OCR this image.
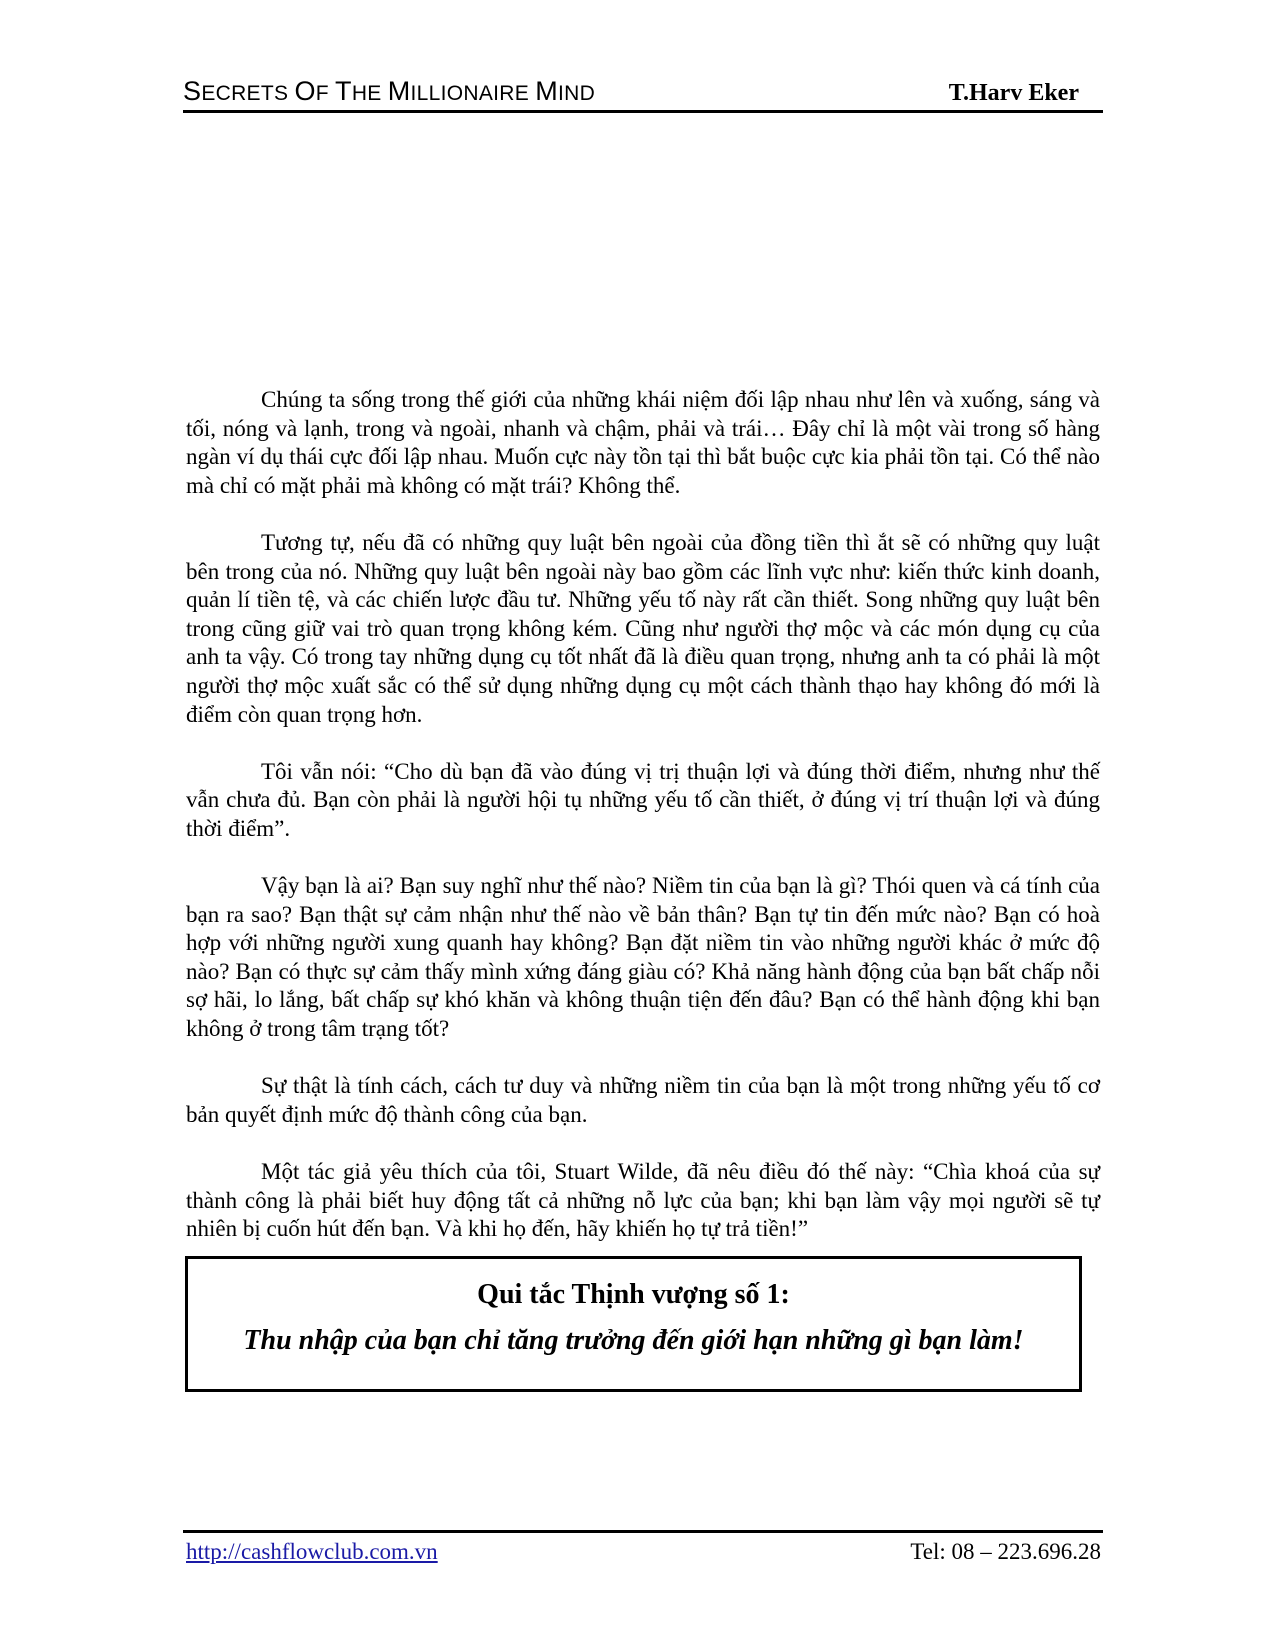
SECRETS OF THE MILLIONAIRE MIND	T.Harv Eker

Chúng ta sống trong thế giới của những khái niệm đối lập nhau như lên và xuống, sáng và tối, nóng và lạnh, trong và ngoài, nhanh và chậm, phải và trái… Đây chỉ là một vài trong số hàng ngàn ví dụ thái cực đối lập nhau. Muốn cực này tồn tại thì bắt buộc cực kia phải tồn tại. Có thể nào mà chỉ có mặt phải mà không có mặt trái? Không thể.

Tương tự, nếu đã có những quy luật bên ngoài của đồng tiền thì ắt sẽ có những quy luật bên trong của nó. Những quy luật bên ngoài này bao gồm các lĩnh vực như: kiến thức kinh doanh, quản lí tiền tệ, và các chiến lược đầu tư. Những yếu tố này rất cần thiết. Song những quy luật bên trong cũng giữ vai trò quan trọng không kém. Cũng như người thợ mộc và các món dụng cụ của anh ta vậy. Có trong tay những dụng cụ tốt nhất đã là điều quan trọng, nhưng anh ta có phải là một người thợ mộc xuất sắc có thể sử dụng những dụng cụ một cách thành thạo hay không đó mới là điểm còn quan trọng hơn.

Tôi vẫn nói: “Cho dù bạn đã vào đúng vị trị thuận lợi và đúng thời điểm, nhưng như thế vẫn chưa đủ. Bạn còn phải là người hội tụ những yếu tố cần thiết, ở đúng vị trí thuận lợi và đúng thời điểm”.

Vậy bạn là ai? Bạn suy nghĩ như thế nào? Niềm tin của bạn là gì? Thói quen và cá tính của bạn ra sao? Bạn thật sự cảm nhận như thế nào về bản thân? Bạn tự tin đến mức nào? Bạn có hoà hợp với những người xung quanh hay không? Bạn đặt niềm tin vào những người khác ở mức độ nào? Bạn có thực sự cảm thấy mình xứng đáng giàu có? Khả năng hành động của bạn bất chấp nỗi sợ hãi, lo lắng, bất chấp sự khó khăn và không thuận tiện đến đâu? Bạn có thể hành động khi bạn không ở trong tâm trạng tốt?

Sự thật là tính cách, cách tư duy và những niềm tin của bạn là một trong những yếu tố cơ bản quyết định mức độ thành công của bạn.

Một tác giả yêu thích của tôi, Stuart Wilde, đã nêu điều đó thế này: “Chìa khoá của sự thành công là phải biết huy động tất cả những nỗ lực của bạn; khi bạn làm vậy mọi người sẽ tự nhiên bị cuốn hút đến bạn. Và khi họ đến, hãy khiến họ tự trả tiền!”

Qui tắc Thịnh vượng số 1:
Thu nhập của bạn chỉ tăng trưởng đến giới hạn những gì bạn làm!
http://cashflowclub.com.vn	Tel: 08 – 223.696.28
